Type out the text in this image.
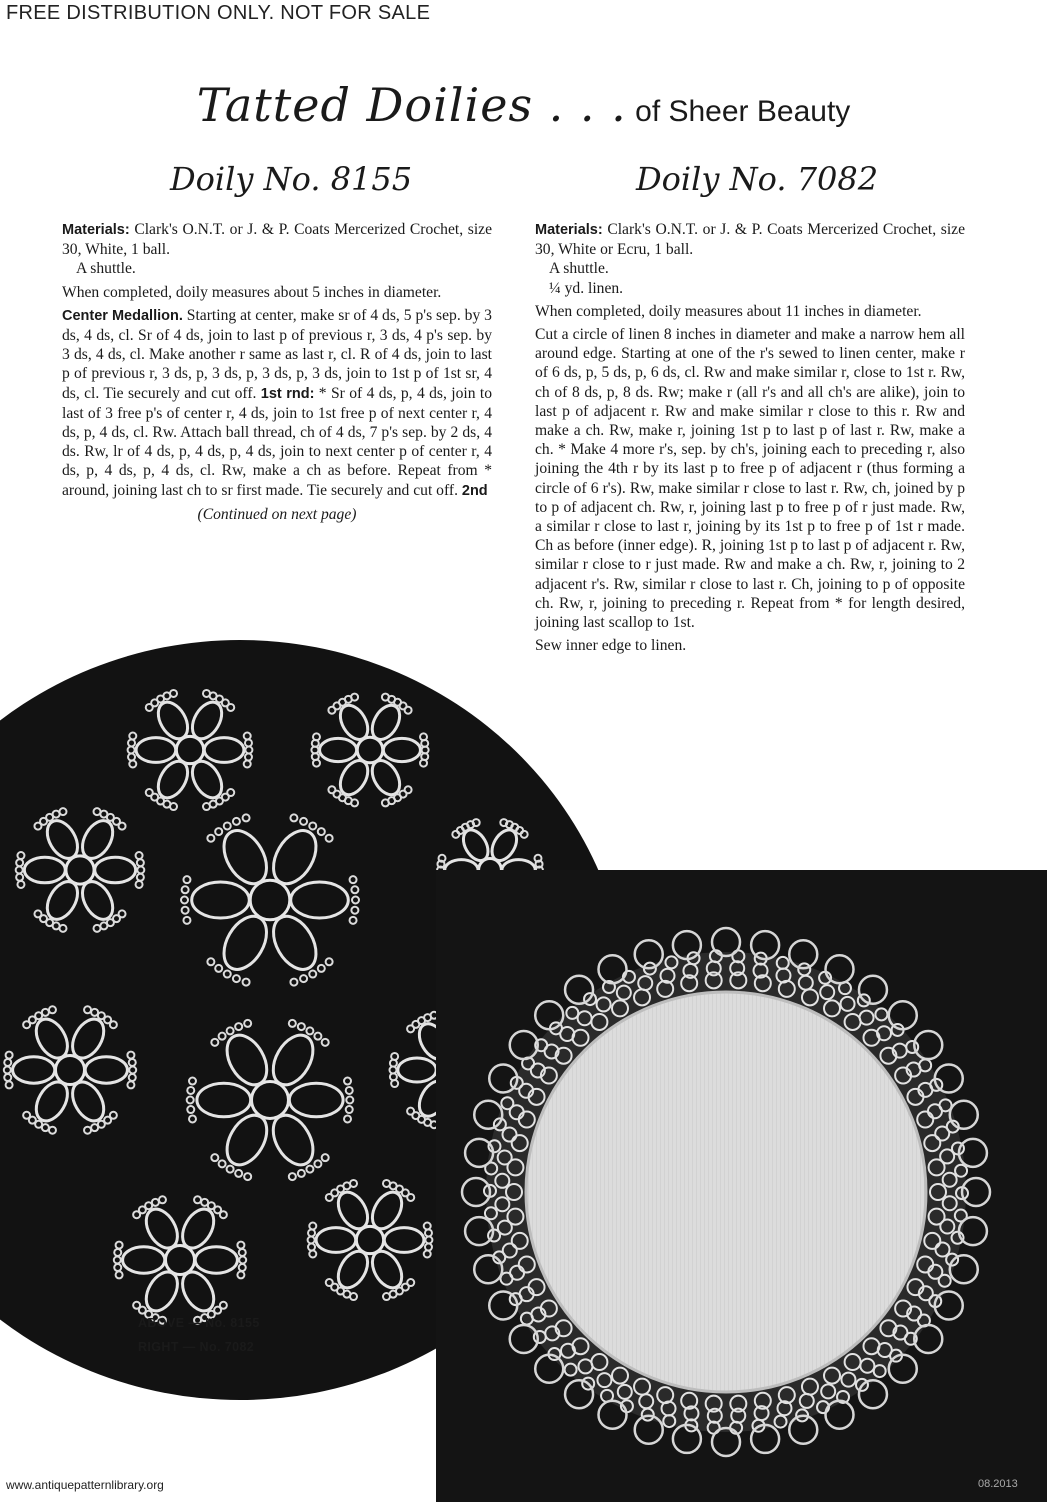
FREE DISTRIBUTION ONLY. NOT FOR SALE
Tatted Doilies . . . of Sheer Beauty
Doily No. 8155	Doily No. 7082

Materials: Clark's O.N.T. or J. & P. Coats Mercerized Crochet, size 30, White, 1 ball.

A shuttle.

When completed, doily measures about 5 inches in diameter.

Center Medallion. Starting at center, make sr of 4 ds, 5 p's sep. by 3 ds, 4 ds, cl. Sr of 4 ds, join to last p of previous r, 3 ds, 4 p's sep. by 3 ds, 4 ds, cl. Make another r same as last r, cl. R of 4 ds, join to last p of previous r, 3 ds, p, 3 ds, p, 3 ds, p, 3 ds, join to 1st p of 1st sr, 4 ds, cl. Tie securely and cut off. 1st rnd: * Sr of 4 ds, p, 4 ds, join to last of 3 free p's of center r, 4 ds, join to 1st free p of next center r, 4 ds, p, 4 ds, cl. Rw. Attach ball thread, ch of 4 ds, 7 p's sep. by 2 ds, 4 ds. Rw, lr of 4 ds, p, 4 ds, p, 4 ds, join to next center p of center r, 4 ds, p, 4 ds, p, 4 ds, cl. Rw, make a ch as before. Repeat from * around, joining last ch to sr first made. Tie securely and cut off. 2nd

(Continued on next page)

Materials: Clark's O.N.T. or J. & P. Coats Mercerized Crochet, size 30, White or Ecru, 1 ball.

A shuttle.

¼ yd. linen.

When completed, doily measures about 11 inches in diameter.

Cut a circle of linen 8 inches in diameter and make a narrow hem all around edge. Starting at one of the r's sewed to linen center, make r of 6 ds, p, 5 ds, p, 6 ds, cl. Rw and make similar r, close to 1st r. Rw, ch of 8 ds, p, 8 ds. Rw; make r (all r's and all ch's are alike), join to last p of adjacent r. Rw and make similar r close to this r. Rw and make a ch. Rw, make r, joining 1st p to last p of last r. Rw, make a ch. * Make 4 more r's, sep. by ch's, joining each to preceding r, also joining the 4th r by its last p to free p of adjacent r (thus forming a circle of 6 r's). Rw, make similar r close to last r. Rw, ch, joined by p to p of adjacent ch. Rw, r, joining last p to free p of r just made. Rw, a similar r close to last r, joining by its 1st p to free p of 1st r made. Ch as before (inner edge). R, joining 1st p to last p of adjacent r. Rw, similar r close to r just made. Rw and make a ch. Rw, r, joining to 2 adjacent r's. Rw, similar r close to last r. Ch, joining to p of opposite ch. Rw, r, joining to preceding r. Repeat from * for length desired, joining last scallop to 1st.

Sew inner edge to linen.

ABOVE — No. 8155
RIGHT — No. 7082
www.antiquepatternlibrary.org	08.2013
